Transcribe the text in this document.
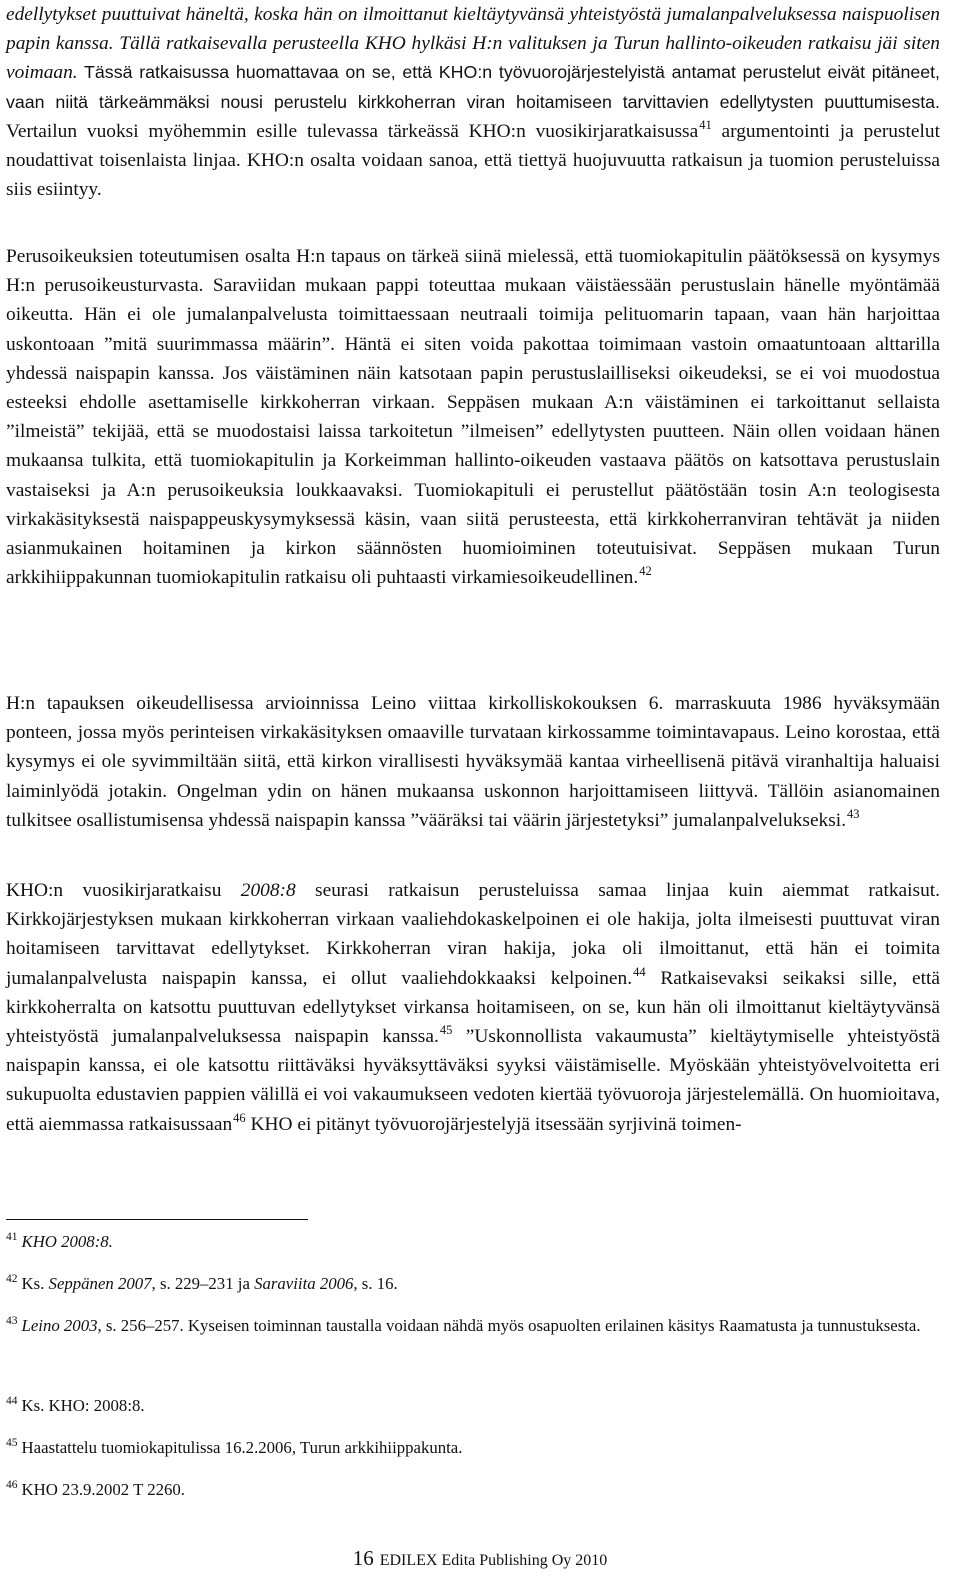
edellytykset puuttuivat häneltä, koska hän on ilmoittanut kieltäytyvänsä yhteistyöstä jumalanpalveluksessa naispuolisen papin kanssa. Tällä ratkaisevalla perusteella KHO hylkäsi H:n valituksen ja Turun hallinto-oikeuden ratkaisu jäi siten voimaan. Tässä ratkaisussa huomattavaa on se, että KHO:n työvuorojärjestelyistä antamat perustelut eivät pitäneet, vaan niitä tärkeämmäksi nousi perustelu kirkkoherran viran hoitamiseen tarvittavien edellytysten puuttumisesta. Vertailun vuoksi myöhemmin esille tulevassa tärkeässä KHO:n vuosikirjaratkaisussa$^{41}$ argumentointi ja perustelut noudattivat toisenlaista linjaa. KHO:n osalta voidaan sanoa, että tiettyä huojuvuutta ratkaisun ja tuomion perusteluissa siis esiintyy.

Perusoikeuksien toteutumisen osalta H:n tapaus on tärkeä siinä mielessä, että tuomiokapitulin päätöksessä on kysymys H:n perusoikeusturvasta. Saraviidan mukaan pappi toteuttaa mukaan väistäessään perustuslain hänelle myöntämää oikeutta. Hän ei ole jumalanpalvelusta toimittaessaan neutraali toimija pelituomarin tapaan, vaan hän harjoittaa uskontoaan ”mitä suurimmassa määrin”. Häntä ei siten voida pakottaa toimimaan vastoin omaatuntoaan alttarilla yhdessä naispapin kanssa. Jos väistäminen näin katsotaan papin perustuslailliseksi oikeudeksi, se ei voi muodostua esteeksi ehdolle asettamiselle kirkkoherran virkaan. Seppäsen mukaan A:n väistäminen ei tarkoittanut sellaista ”ilmeistä” tekijää, että se muodostaisi laissa tarkoitetun ”ilmeisen” edellytysten puutteen. Näin ollen voidaan hänen mukaansa tulkita, että tuomiokapitulin ja Korkeimman hallinto-oikeuden vastaava päätös on katsottava perustuslain vastaiseksi ja A:n perusoikeuksia loukkaavaksi. Tuomiokapituli ei perustellut päätöstään tosin A:n teologisesta virkakäsityksestä naispappeuskysymyksessä käsin, vaan siitä perusteesta, että kirkkoherranviran tehtävät ja niiden asianmukainen hoitaminen ja kirkon säännösten huomioiminen toteutuisivat. Seppäsen mukaan Turun arkkihiippakunnan tuomiokapitulin ratkaisu oli puhtaasti virkamiesoikeudellinen.$^{42}$

H:n tapauksen oikeudellisessa arvioinnissa Leino viittaa kirkolliskokouksen 6. marraskuuta 1986 hyväksymään ponteen, jossa myös perinteisen virkakäsityksen omaaville turvataan kirkossamme toimintavapaus. Leino korostaa, että kysymys ei ole syvimmiltään siitä, että kirkon virallisesti hyväksymää kantaa virheellisenä pitävä viranhaltija haluaisi laiminlyödä jotakin. Ongelman ydin on hänen mukaansa uskonnon harjoittamiseen liittyvä. Tällöin asianomainen tulkitsee osallistumisensa yhdessä naispapin kanssa ”vääräksi tai väärin järjestetyksi” jumalanpalvelukseksi.$^{43}$

KHO:n vuosikirjaratkaisu 2008:8 seurasi ratkaisun perusteluissa samaa linjaa kuin aiemmat ratkaisut. Kirkkojärjestyksen mukaan kirkkoherran virkaan vaaliehdokaskelpoinen ei ole hakija, jolta ilmeisesti puuttuvat viran hoitamiseen tarvittavat edellytykset. Kirkkoherran viran hakija, joka oli ilmoittanut, että hän ei toimita jumalanpalvelusta naispapin kanssa, ei ollut vaaliehdokkaaksi kelpoinen.$^{44}$ Ratkaisevaksi seikaksi sille, että kirkkoherralta on katsottu puuttuvan edellytykset virkansa hoitamiseen, on se, kun hän oli ilmoittanut kieltäytyvänsä yhteistyöstä jumalanpalveluksessa naispapin kanssa.$^{45}$ ”Uskonnollista vakaumusta” kieltäytymiselle yhteistyöstä naispapin kanssa, ei ole katsottu riittäväksi hyväksyttäväksi syyksi väistämiselle. Myöskään yhteistyövelvoitetta eri sukupuolta edustavien pappien välillä ei voi vakaumukseen vedoten kiertää työvuoroja järjestelemällä. On huomioitava, että aiemmassa ratkaisussaan$^{46}$ KHO ei pitänyt työvuorojärjestelyjä itsessään syrjivinä toimen-

$^{41}$ KHO 2008:8.

$^{42}$ Ks. Seppänen 2007, s. 229–231 ja Saraviita 2006, s. 16.

$^{43}$ Leino 2003, s. 256–257. Kyseisen toiminnan taustalla voidaan nähdä myös osapuolten erilainen käsitys Raamatusta ja tunnustuksesta.

$^{44}$ Ks. KHO: 2008:8.

$^{45}$ Haastattelu tuomiokapitulissa 16.2.2006, Turun arkkihiippakunta.

$^{46}$ KHO 23.9.2002 T 2260.

16 EDILEX Edita Publishing Oy 2010
